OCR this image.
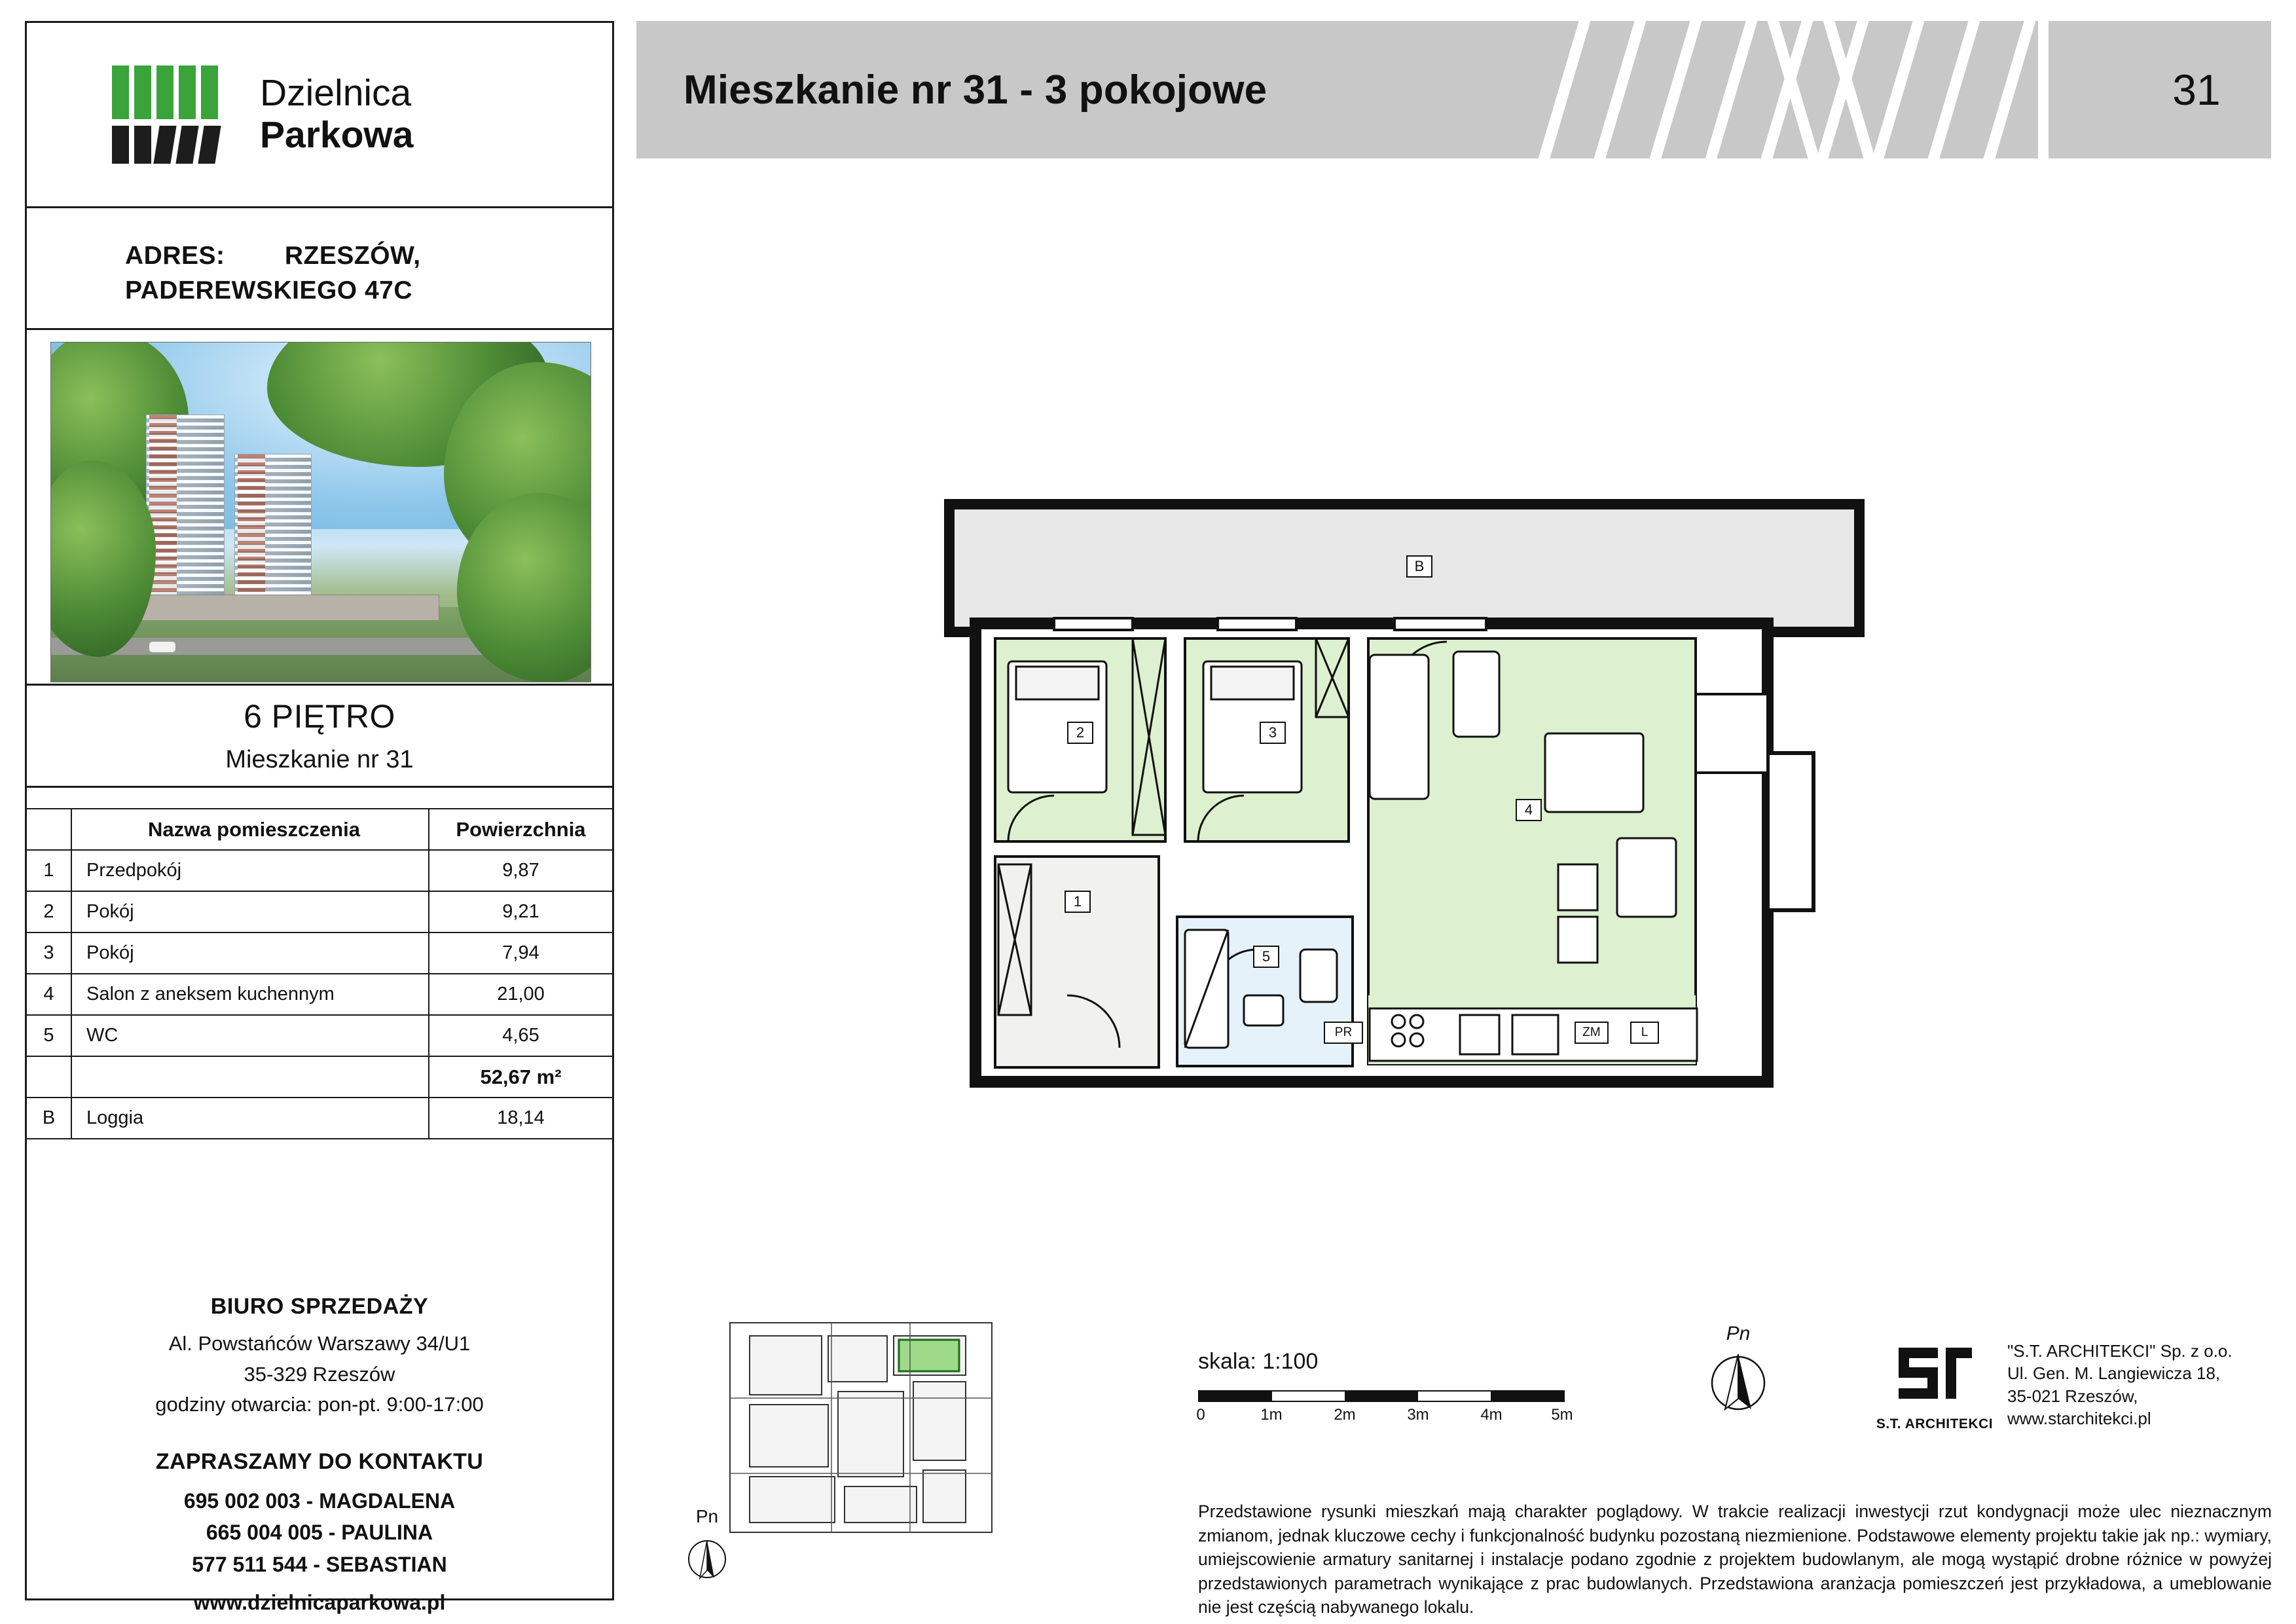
Dzielnica
Parkowa
ADRES: RZESZÓW,
PADEREWSKIEGO 47C
6 PIĘTRO
Mieszkanie nr 31
	Nazwa pomieszczenia	Powierzchnia
1	Przedpokój	9,87
2	Pokój	9,21
3	Pokój	7,94
4	Salon z aneksem kuchennym	21,00
5	WC	4,65
		52,67 m²
B	Loggia	18,14
BIURO SPRZEDAŻY
Al. Powstańców Warszawy 34/U1
35-329 Rzeszów
godziny otwarcia: pon-pt. 9:00-17:00
ZAPRASZAMY DO KONTAKTU
695 002 003 - MAGDALENA
665 004 005 - PAULINA
577 511 544 - SEBASTIAN
www.dzielnicaparkowa.pl
Mieszkanie nr 31 - 3 pokojowe	31
B
2	3
4
1
5
PR	ZM	L
Pn
skala: 1:100
0	1m	2m	3m	4m	5m
Pn
S.T. ARCHITEKCI
"S.T. ARCHITEKCI" Sp. z o.o.
Ul. Gen. M. Langiewicza 18,
35-021 Rzeszów,
www.starchitekci.pl
Przedstawione rysunki mieszkań mają charakter poglądowy. W trakcie realizacji inwestycji rzut kondygnacji może ulec nieznacznym zmianom, jednak kluczowe cechy i funkcjonalność budynku pozostaną niezmienione. Podstawowe elementy projektu takie jak np.: wymiary, umiejscowienie armatury sanitarnej i instalacje podano zgodnie z projektem budowlanym, ale mogą wystąpić drobne różnice w powyżej przedstawionych parametrach wynikające z prac budowlanych. Przedstawiona aranżacja pomieszczeń jest przykładowa, a umeblowanie nie jest częścią nabywanego lokalu.
